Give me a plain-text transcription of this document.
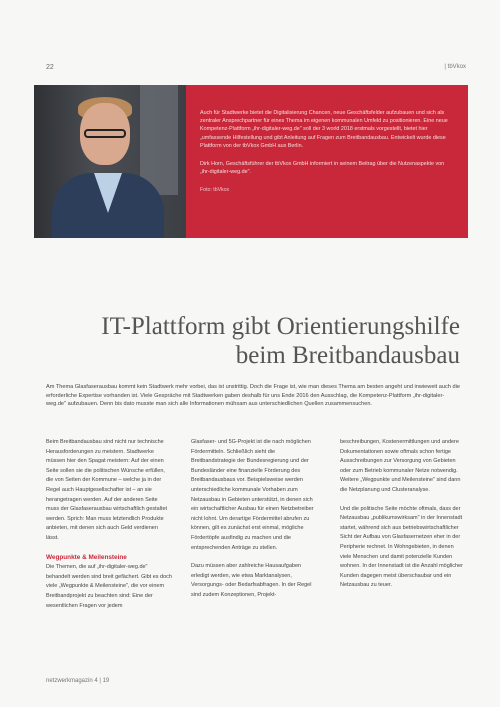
22	| tbVkox

Auch für Stadtwerke bietet die Digitalisierung Chancen, neue Geschäftsfelder aufzubauen und sich als zentraler Ansprechpartner für eines Thema im eigenen kommunalen Umfeld zu positionieren. Eine neue Kompetenz-Plattform „ihr-digitaler-weg.de" soll der 3 world 2018 erstmals vorgestellt, bietet hier „umfassende Hilfestellung und gibt Anleitung auf Fragen zum Breitbandausbau. Entwickelt wurde diese Plattform von der tbVkox GmbH aus Berlin.

Dirk Horn, Geschäftsführer der tbVkox GmbH informiert in seinem Beitrag über die Nutzenaspekte von „ihr-digitaler-weg.de".

Foto: tbVkox
IT-Plattform gibt Orientierungshilfe
beim Breitbandausbau
Am Thema Glasfaserausbau kommt kein Stadtwerk mehr vorbei, das ist unstrittig. Doch die Frage ist, wie man dieses Thema am besten angeht und inwieweit auch die erforderliche Expertise vorhanden ist. Viele Gespräche mit Stadtwerken gaben deshalb für uns Ende 2016 den Ausschlag, die Kompetenz-Plattform „ihr-digitaler-weg.de" aufzubauen. Denn bis dato musste man sich alle Informationen mühsam aus unterschiedlichen Quellen zusammensuchen.

Beim Breitbandausbau sind nicht nur technische Herausforderungen zu meistern. Stadtwerke müssen hier den Spagat meistern: Auf der einen Seite sollen sie die politischen Wünsche erfüllen, die von Seiten der Kommune – welche ja in der Regel auch Hauptgesellschafter ist – an sie herangetragen werden. Auf der anderen Seite muss der Glasfaserausbau wirtschaftlich gestaltet werden. Sprich: Man muss letztendlich Produkte anbieten, mit denen sich auch Geld verdienen lässt.

Wegpunkte & Meilensteine

Die Themen, die auf „ihr-digitaler-weg.de" behandelt werden sind breit gefächert. Gibt es doch viele „Wegpunkte & Meilensteine", die vor einem Breitbandprojekt zu beachten sind: Eine der wesentlichen Fragen vor jedem

Glasfaser- und 5G-Projekt ist die nach möglichen Fördermitteln. Schließlich sieht die Breitbandstrategie der Bundesregierung und der Bundesländer eine finanzielle Förderung des Breitbandausbaus vor. Beispielsweise werden unterschiedliche kommunale Vorhaben zum Netzausbau in Gebieten unterstützt, in denen sich ein wirtschaftlicher Ausbau für einen Netzbetreiber nicht lohnt. Um derartige Fördermittel abrufen zu können, gilt es zunächst erst einmal, mögliche Fördertöpfe ausfindig zu machen und die entsprechenden Anträge zu stellen.

Dazu müssen aber zahlreiche Hausaufgaben erledigt werden, wie etwa Marktanalysen, Versorgungs- oder Bedarfsabfragen. In der Regel sind zudem Konzeptionen, Projekt-

beschreibungen, Kostenermittlungen und andere Dokumentationen sowie oftmals schon fertige Ausschreibungen zur Versorgung von Gebieten oder zum Betrieb kommunaler Netze notwendig. Weitere „Wegpunkte und Meilensteine" sind dann die Netzplanung und Clusteranalyse.

Und die politische Seite möchte oftmals, dass der Netzausbau „publikumswirksam" in der Innenstadt startet, während sich aus betriebswirtschaftlicher Sicht der Aufbau von Glasfasernetzen eher in der Peripherie rechnet. In Wohngebieten, in denen viele Menschen und damit potenzielle Kunden wohnen. In der Innenstadt ist die Anzahl möglicher Kunden dagegen meist überschaubar und ein Netzausbau zu teuer.

netzwerkmagazin 4 | 19
